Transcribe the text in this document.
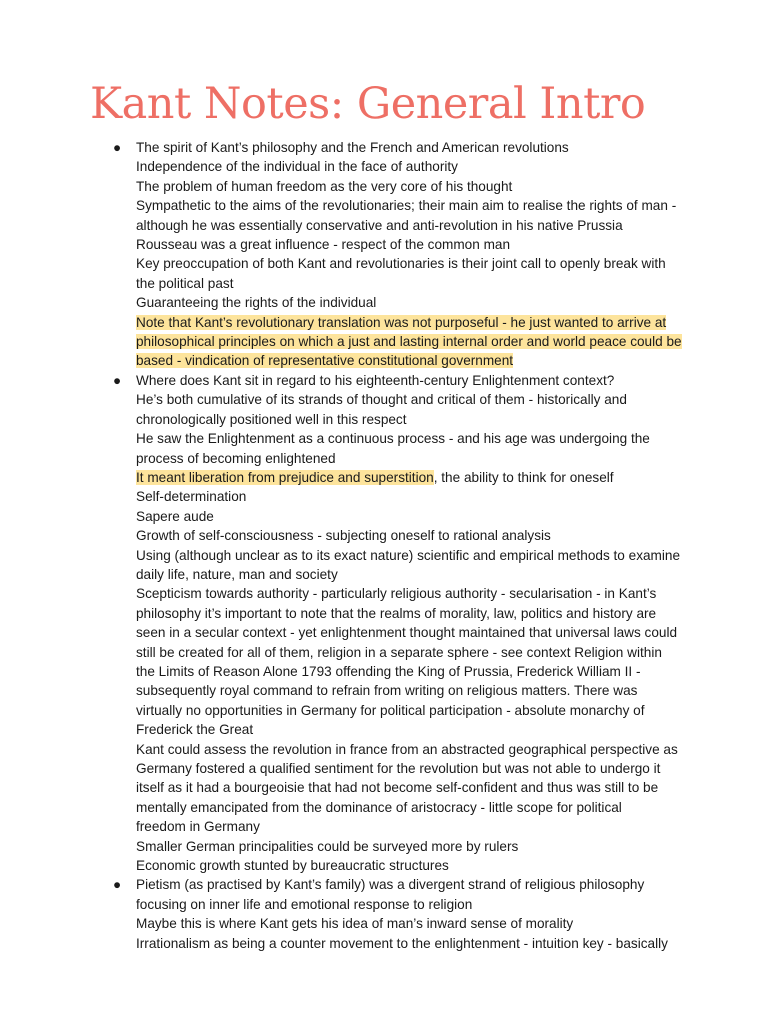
Kant Notes: General Intro
● The spirit of Kant’s philosophy and the French and American revolutions
Independence of the individual in the face of authority
The problem of human freedom as the very core of his thought
Sympathetic to the aims of the revolutionaries; their main aim to realise the rights of man -
although he was essentially conservative and anti-revolution in his native Prussia
Rousseau was a great influence - respect of the common man
Key preoccupation of both Kant and revolutionaries is their joint call to openly break with
the political past
Guaranteeing the rights of the individual
Note that Kant’s revolutionary translation was not purposeful - he just wanted to arrive at
philosophical principles on which a just and lasting internal order and world peace could be
based - vindication of representative constitutional government
● Where does Kant sit in regard to his eighteenth-century Enlightenment context?
He’s both cumulative of its strands of thought and critical of them - historically and
chronologically positioned well in this respect
He saw the Enlightenment as a continuous process - and his age was undergoing the
process of becoming enlightened
It meant liberation from prejudice and superstition, the ability to think for oneself
Self-determination
Sapere aude
Growth of self-consciousness - subjecting oneself to rational analysis
Using (although unclear as to its exact nature) scientific and empirical methods to examine
daily life, nature, man and society
Scepticism towards authority - particularly religious authority - secularisation - in Kant’s
philosophy it’s important to note that the realms of morality, law, politics and history are
seen in a secular context - yet enlightenment thought maintained that universal laws could
still be created for all of them, religion in a separate sphere - see context Religion within
the Limits of Reason Alone 1793 offending the King of Prussia, Frederick William II -
subsequently royal command to refrain from writing on religious matters. There was
virtually no opportunities in Germany for political participation - absolute monarchy of
Frederick the Great
Kant could assess the revolution in france from an abstracted geographical perspective as
Germany fostered a qualified sentiment for the revolution but was not able to undergo it
itself as it had a bourgeoisie that had not become self-confident and thus was still to be
mentally emancipated from the dominance of aristocracy - little scope for political
freedom in Germany
Smaller German principalities could be surveyed more by rulers
Economic growth stunted by bureaucratic structures
● Pietism (as practised by Kant’s family) was a divergent strand of religious philosophy
focusing on inner life and emotional response to religion
Maybe this is where Kant gets his idea of man’s inward sense of morality
Irrationalism as being a counter movement to the enlightenment - intuition key - basically
